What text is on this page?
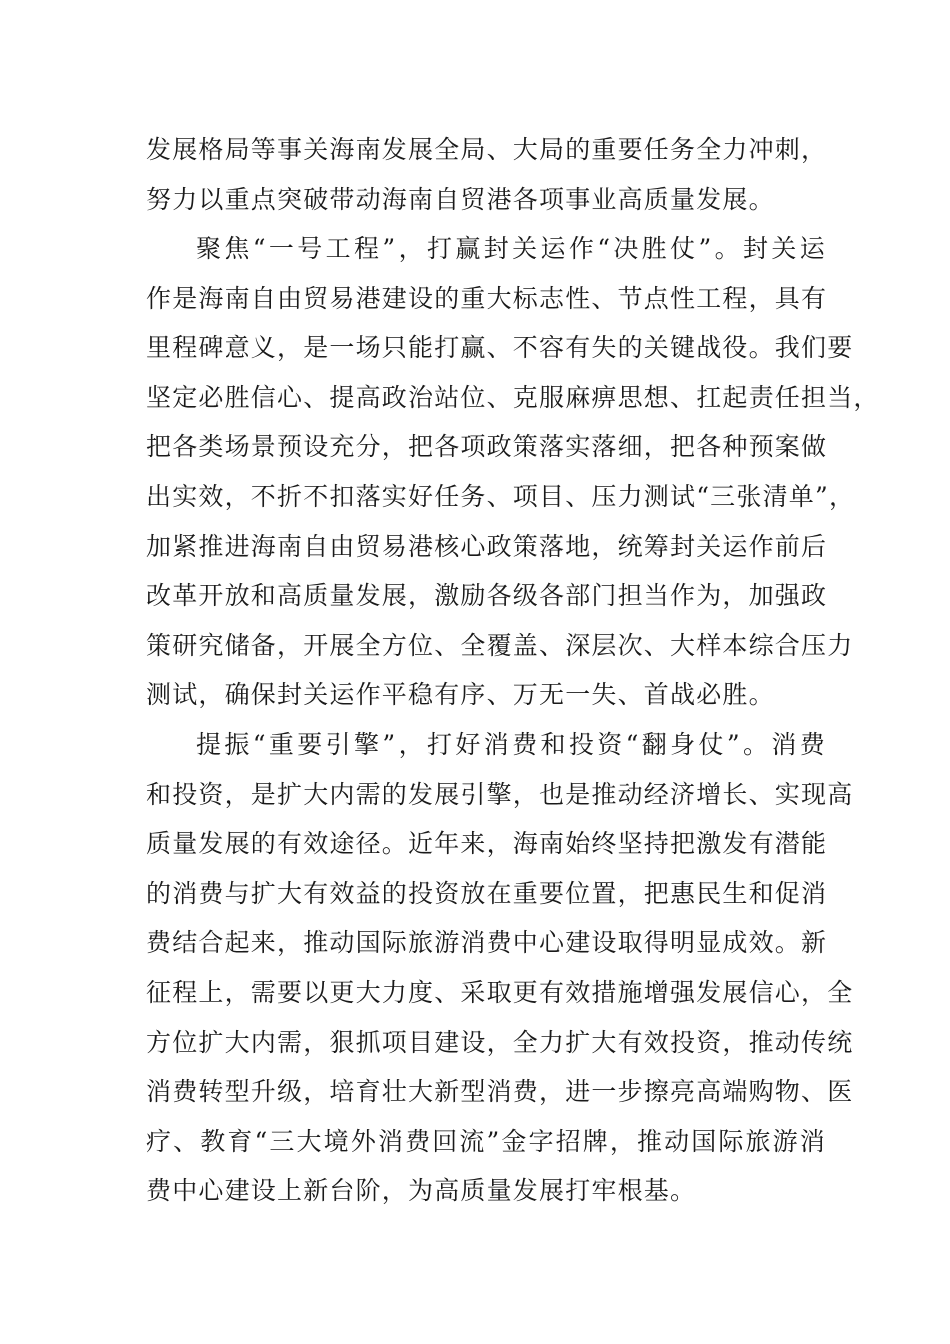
发展格局等事关海南发展全局、大局的重要任务全力冲刺，
努力以重点突破带动海南自贸港各项事业高质量发展。
聚焦“一号工程”，打赢封关运作“决胜仗”。封关运
作是海南自由贸易港建设的重大标志性、节点性工程，具有
里程碑意义，是一场只能打赢、不容有失的关键战役。我们要
坚定必胜信心、提高政治站位、克服麻痹思想、扛起责任担当，
把各类场景预设充分，把各项政策落实落细，把各种预案做
出实效，不折不扣落实好任务、项目、压力测试“三张清单”，
加紧推进海南自由贸易港核心政策落地，统筹封关运作前后
改革开放和高质量发展，激励各级各部门担当作为，加强政
策研究储备，开展全方位、全覆盖、深层次、大样本综合压力
测试，确保封关运作平稳有序、万无一失、首战必胜。
提振“重要引擎”，打好消费和投资“翻身仗”。消费
和投资，是扩大内需的发展引擎，也是推动经济增长、实现高
质量发展的有效途径。近年来，海南始终坚持把激发有潜能
的消费与扩大有效益的投资放在重要位置，把惠民生和促消
费结合起来，推动国际旅游消费中心建设取得明显成效。新
征程上，需要以更大力度、采取更有效措施增强发展信心，全
方位扩大内需，狠抓项目建设，全力扩大有效投资，推动传统
消费转型升级，培育壮大新型消费，进一步擦亮高端购物、医
疗、教育“三大境外消费回流”金字招牌，推动国际旅游消
费中心建设上新台阶，为高质量发展打牢根基。
